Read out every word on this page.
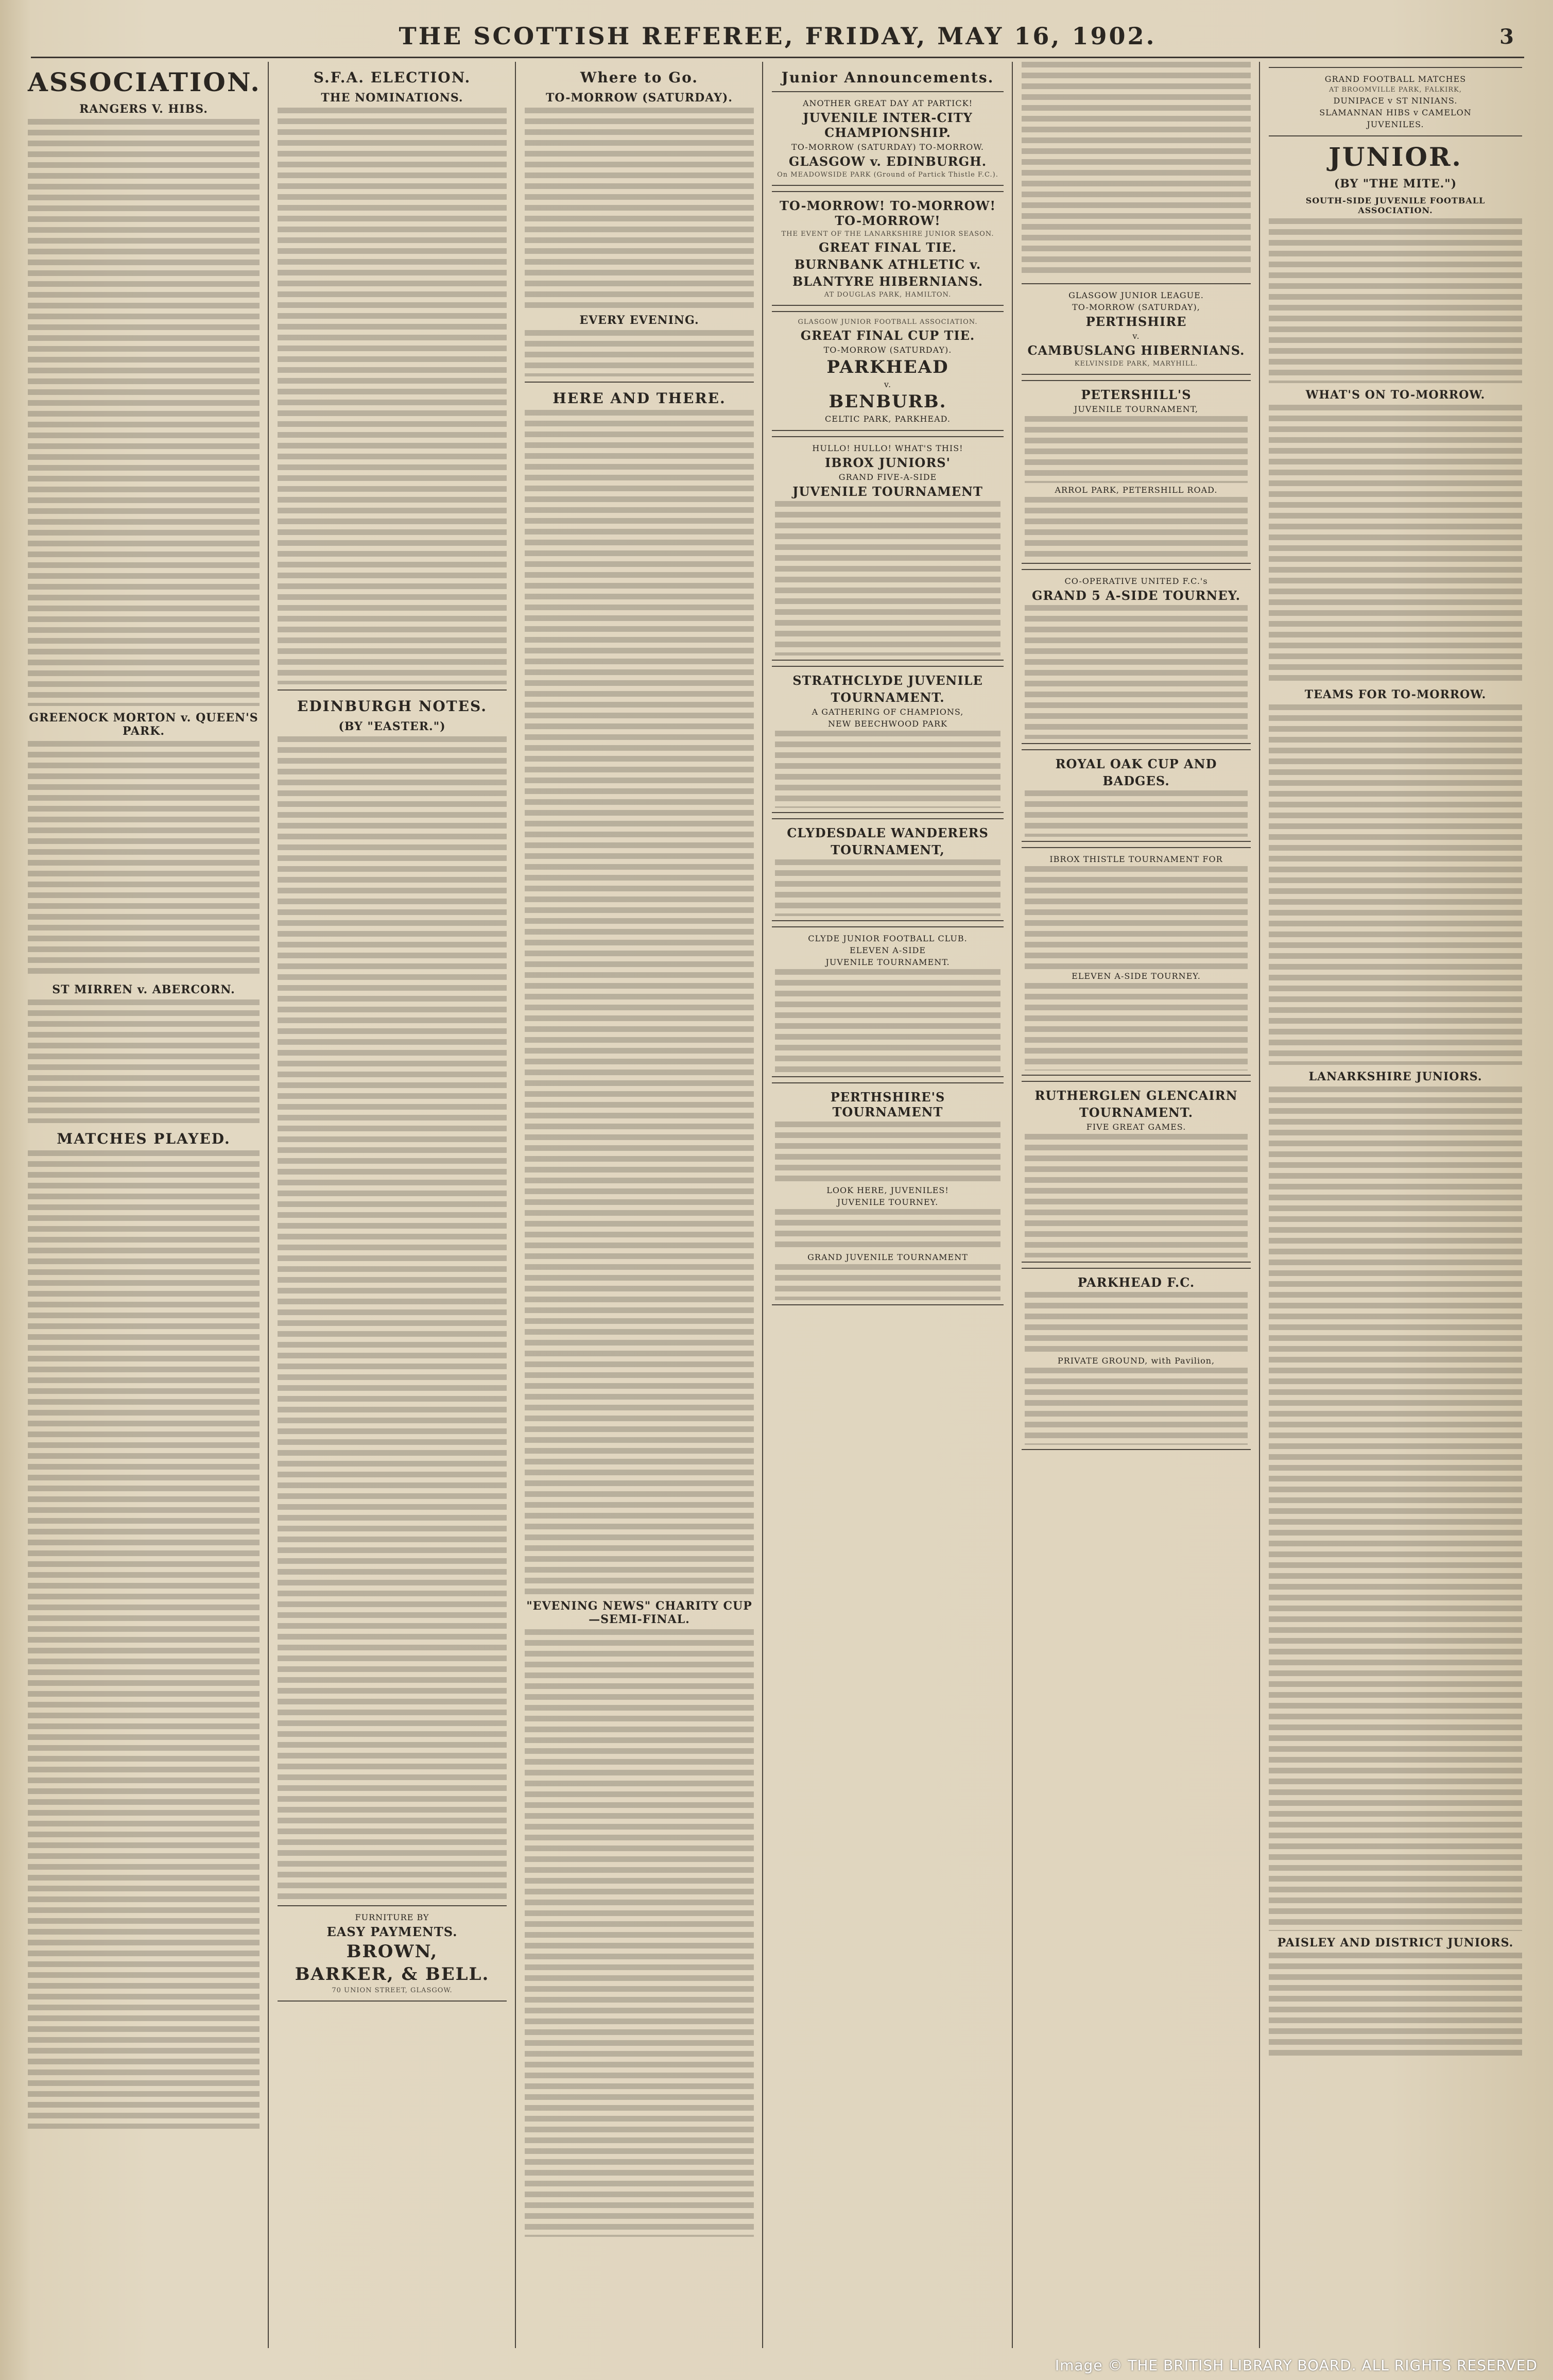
THE SCOTTISH REFEREE, FRIDAY, MAY 16, 1902.	3
ASSOCIATION.
RANGERS V. HIBS.
GREENOCK MORTON v. QUEEN'S PARK.
ST MIRREN v. ABERCORN.
MATCHES PLAYED.
S.F.A. ELECTION.
THE NOMINATIONS.
EDINBURGH NOTES.
(BY "EASTER.")
FURNITURE BY
EASY PAYMENTS.
BROWN,
BARKER, & BELL.
70 UNION STREET, GLASGOW.
Where to Go.
TO-MORROW (SATURDAY).
EVERY EVENING.
HERE AND THERE.
"EVENING NEWS" CHARITY CUP—SEMI-FINAL.
Junior Announcements.
ANOTHER GREAT DAY AT PARTICK!
JUVENILE INTER-CITY CHAMPIONSHIP.
TO-MORROW (SATURDAY) TO-MORROW.
GLASGOW v. EDINBURGH.
On MEADOWSIDE PARK (Ground of Partick Thistle F.C.).
TO-MORROW! TO-MORROW! TO-MORROW!
THE EVENT OF THE LANARKSHIRE JUNIOR SEASON.
GREAT FINAL TIE.
BURNBANK ATHLETIC v.
BLANTYRE HIBERNIANS.
AT DOUGLAS PARK, HAMILTON.
GLASGOW JUNIOR FOOTBALL ASSOCIATION.
GREAT FINAL CUP TIE.
TO-MORROW (SATURDAY).
PARKHEAD
v.
BENBURB.
CELTIC PARK, PARKHEAD.
HULLO! HULLO! WHAT'S THIS!
IBROX JUNIORS'
GRAND FIVE-A-SIDE
JUVENILE TOURNAMENT
STRATHCLYDE JUVENILE
TOURNAMENT.
A GATHERING OF CHAMPIONS,
NEW BEECHWOOD PARK
CLYDESDALE WANDERERS
TOURNAMENT,
CLYDE JUNIOR FOOTBALL CLUB.
ELEVEN A-SIDE
JUVENILE TOURNAMENT.
PERTHSHIRE'S TOURNAMENT
LOOK HERE, JUVENILES!
JUVENILE TOURNEY.
GRAND JUVENILE TOURNAMENT
GLASGOW JUNIOR LEAGUE.
TO-MORROW (SATURDAY),
PERTHSHIRE
v.
CAMBUSLANG HIBERNIANS.
KELVINSIDE PARK, MARYHILL.
PETERSHILL'S
JUVENILE TOURNAMENT,
ARROL PARK, PETERSHILL ROAD.
CO-OPERATIVE UNITED F.C.'s
GRAND 5 A-SIDE TOURNEY.
ROYAL OAK CUP AND
BADGES.
IBROX THISTLE TOURNAMENT FOR
ELEVEN A-SIDE TOURNEY.
RUTHERGLEN GLENCAIRN
TOURNAMENT.
FIVE GREAT GAMES.
PARKHEAD F.C.
PRIVATE GROUND, with Pavilion,
GRAND FOOTBALL MATCHES
AT BROOMVILLE PARK, FALKIRK,
DUNIPACE v ST NINIANS.
SLAMANNAN HIBS v CAMELON
JUVENILES.
JUNIOR.
(BY "THE MITE.")
SOUTH-SIDE JUVENILE FOOTBALL ASSOCIATION.
WHAT'S ON TO-MORROW.
TEAMS FOR TO-MORROW.
LANARKSHIRE JUNIORS.
PAISLEY AND DISTRICT JUNIORS.
Image © THE BRITISH LIBRARY BOARD. ALL RIGHTS RESERVED
